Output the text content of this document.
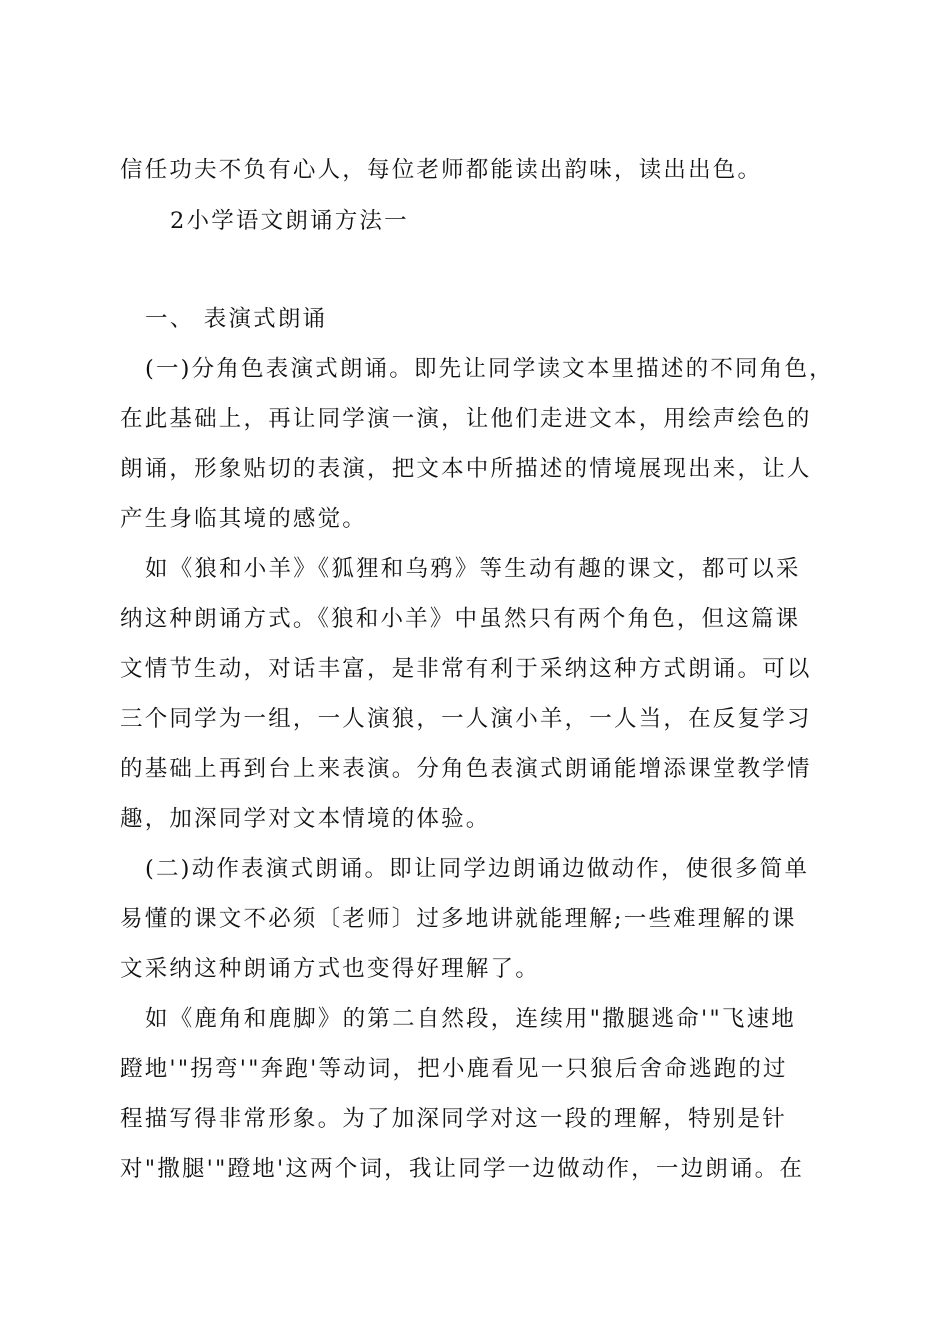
信任功夫不负有心人，每位老师都能读出韵味，读出出色。
2小学语文朗诵方法一
一、 表演式朗诵
(一)分角色表演式朗诵。即先让同学读文本里描述的不同角色，
在此基础上，再让同学演一演，让他们走进文本，用绘声绘色的
朗诵，形象贴切的表演，把文本中所描述的情境展现出来，让人
产生身临其境的感觉。
如《狼和小羊》《狐狸和乌鸦》等生动有趣的课文，都可以采
纳这种朗诵方式。《狼和小羊》中虽然只有两个角色，但这篇课
文情节生动，对话丰富，是非常有利于采纳这种方式朗诵。可以
三个同学为一组，一人演狼，一人演小羊，一人当，在反复学习
的基础上再到台上来表演。分角色表演式朗诵能增添课堂教学情
趣，加深同学对文本情境的体验。
(二)动作表演式朗诵。即让同学边朗诵边做动作，使很多简单
易懂的课文不必须〔老师〕过多地讲就能理解;一些难理解的课
文采纳这种朗诵方式也变得好理解了。
如《鹿角和鹿脚》的第二自然段，连续用"撒腿逃命'"飞速地
蹬地'"拐弯'"奔跑'等动词，把小鹿看见一只狼后舍命逃跑的过
程描写得非常形象。为了加深同学对这一段的理解，特别是针
对"撒腿'"蹬地'这两个词，我让同学一边做动作，一边朗诵。在
